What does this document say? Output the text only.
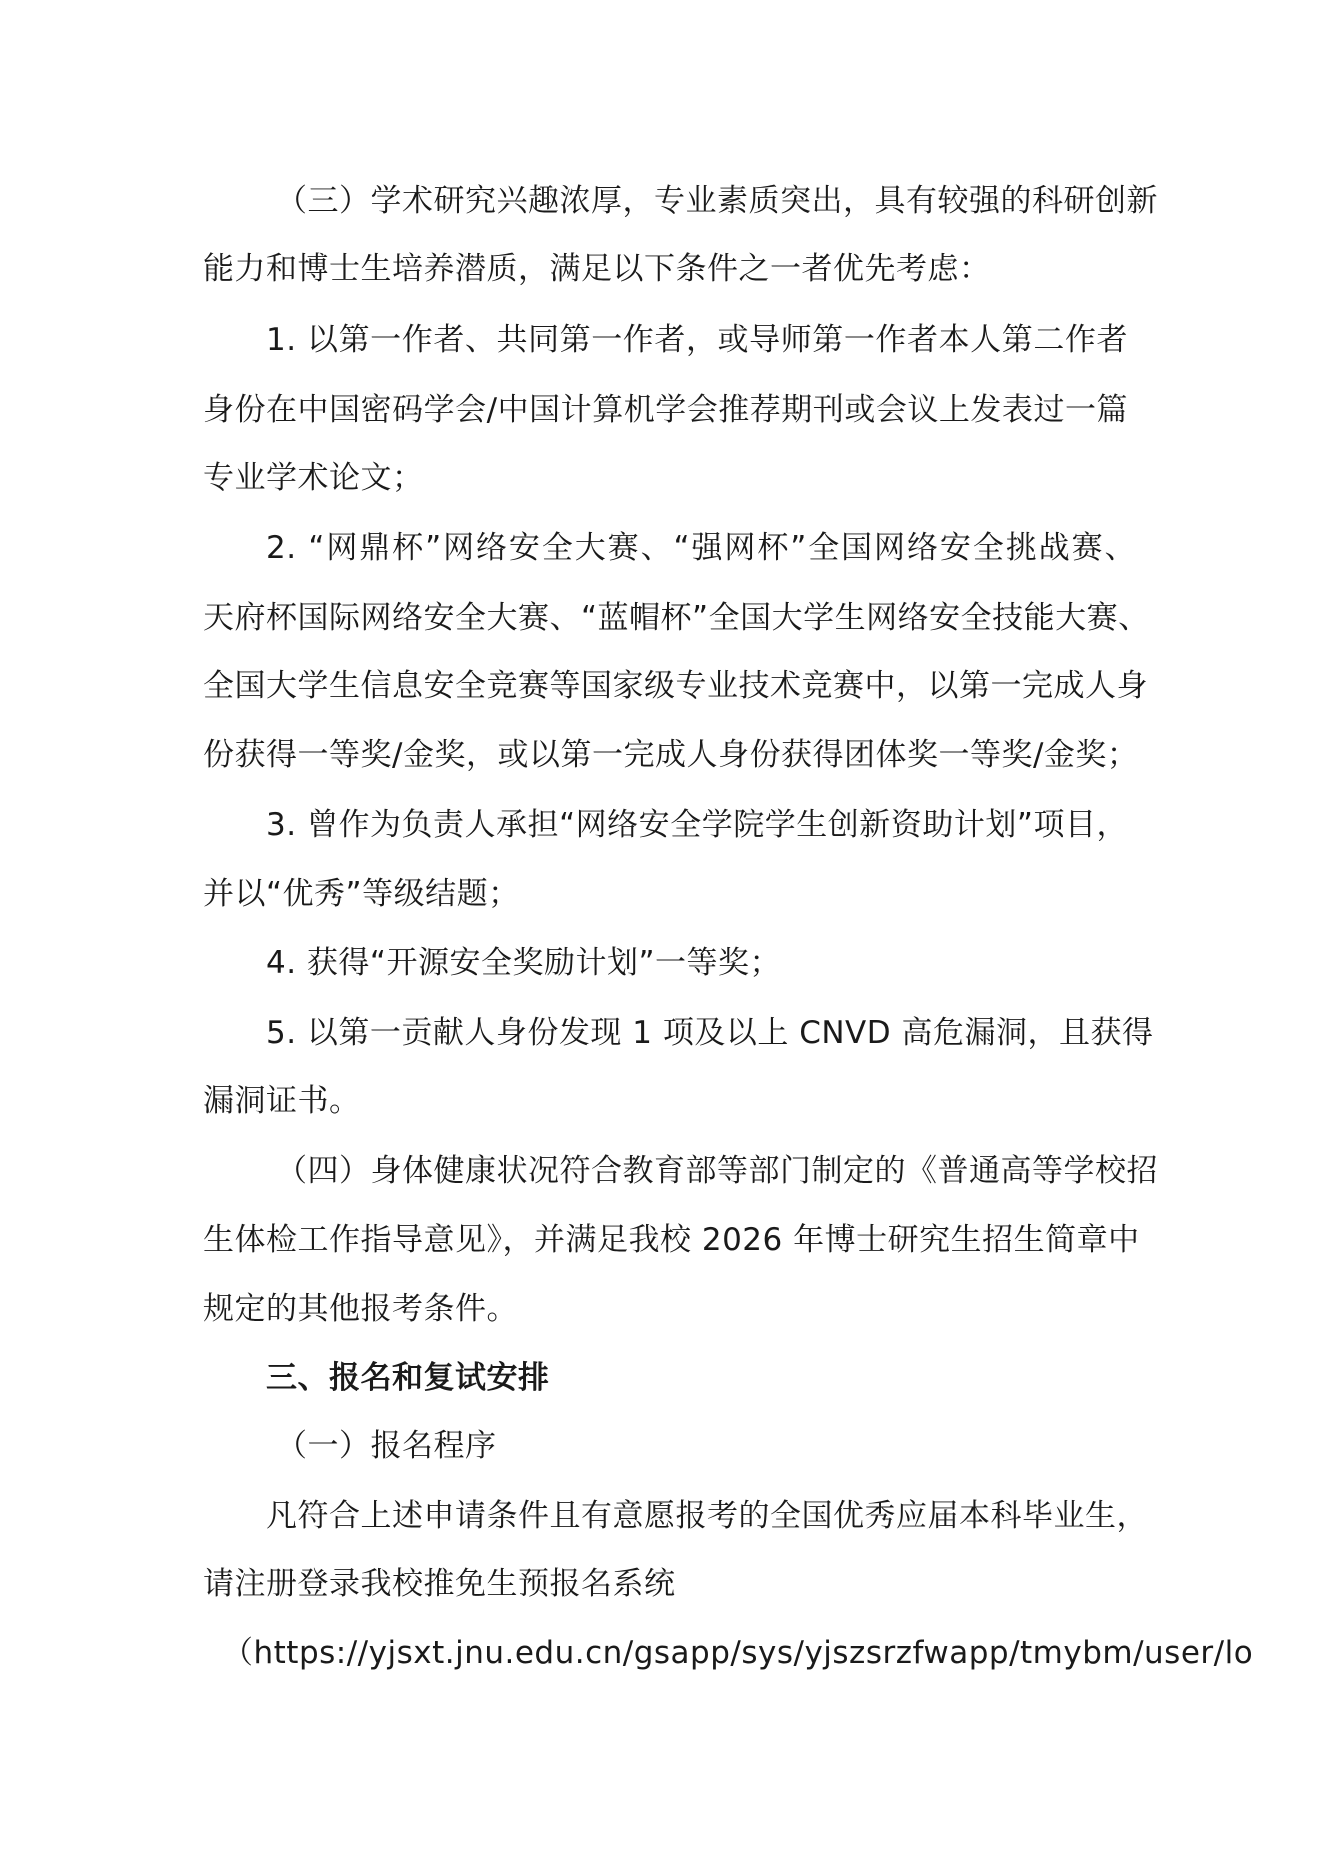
（三）学术研究兴趣浓厚，专业素质突出，具有较强的科研创新
能力和博士生培养潜质，满足以下条件之一者优先考虑：
1. 以第一作者、共同第一作者，或导师第一作者本人第二作者
身份在中国密码学会/中国计算机学会推荐期刊或会议上发表过一篇
专业学术论文；
2. “网鼎杯”网络安全大赛、“强网杯”全国网络安全挑战赛、
天府杯国际网络安全大赛、“蓝帽杯”全国大学生网络安全技能大赛、
全国大学生信息安全竞赛等国家级专业技术竞赛中，以第一完成人身
份获得一等奖/金奖，或以第一完成人身份获得团体奖一等奖/金奖；
3. 曾作为负责人承担“网络安全学院学生创新资助计划”项目，
并以“优秀”等级结题；
4. 获得“开源安全奖励计划”一等奖；
5. 以第一贡献人身份发现 1 项及以上 CNVD 高危漏洞，且获得
漏洞证书。
（四）身体健康状况符合教育部等部门制定的《普通高等学校招
生体检工作指导意见》，并满足我校 2026 年博士研究生招生简章中
规定的其他报考条件。
三、报名和复试安排
（一）报名程序
凡符合上述申请条件且有意愿报考的全国优秀应届本科毕业生，
请注册登录我校推免生预报名系统
（https://yjsxt.jnu.edu.cn/gsapp/sys/yjszsrzfwapp/tmybm/user/lo
